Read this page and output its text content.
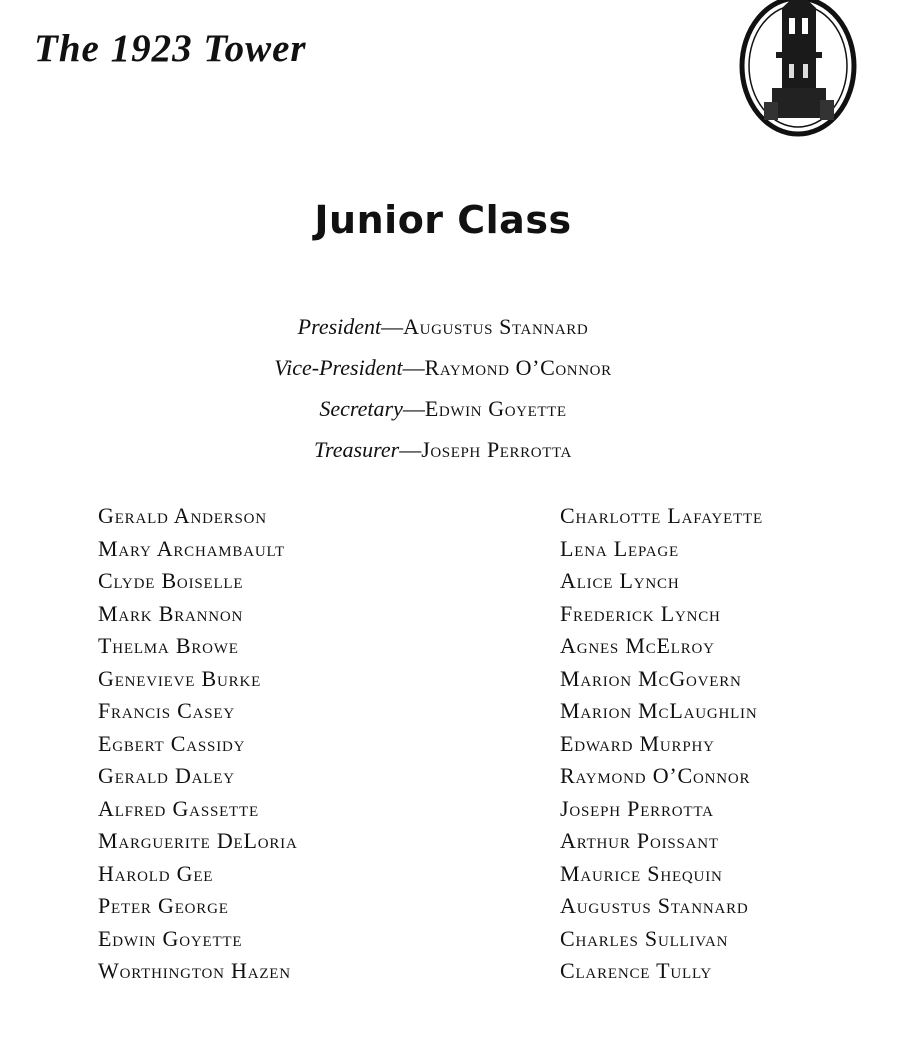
The 1923 Tower
Junior Class
President—Augustus Stannard
Vice-President—Raymond O’Connor
Secretary—Edwin Goyette
Treasurer—Joseph Perrotta
Gerald Anderson
Mary Archambault
Clyde Boiselle
Mark Brannon
Thelma Browe
Genevieve Burke
Francis Casey
Egbert Cassidy
Gerald Daley
Alfred Gassette
Marguerite DeLoria
Harold Gee
Peter George
Edwin Goyette
Worthington Hazen
Charlotte Lafayette
Lena Lepage
Alice Lynch
Frederick Lynch
Agnes McElroy
Marion McGovern
Marion McLaughlin
Edward Murphy
Raymond O’Connor
Joseph Perrotta
Arthur Poissant
Maurice Shequin
Augustus Stannard
Charles Sullivan
Clarence Tully
